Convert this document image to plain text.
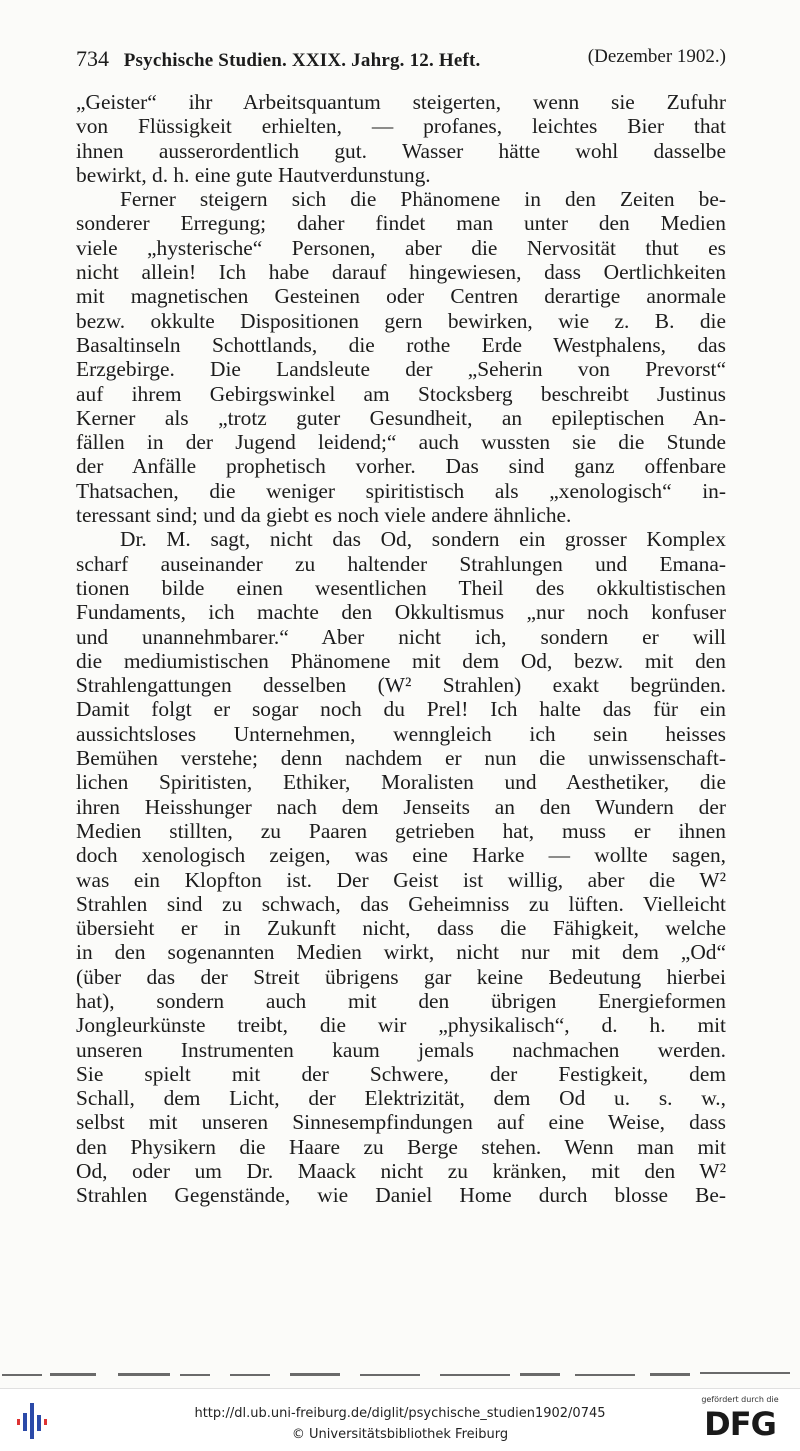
734 Psychische Studien. XXIX. Jahrg. 12. Heft.	(Dezember 1902.)
„Geister“ ihr Arbeitsquantum steigerten, wenn sie Zufuhr
von Flüssigkeit erhielten, — profanes, leichtes Bier that
ihnen ausserordentlich gut. Wasser hätte wohl dasselbe
bewirkt, d. h. eine gute Hautverdunstung.
Ferner steigern sich die Phänomene in den Zeiten be-
sonderer Erregung; daher findet man unter den Medien
viele „hysterische“ Personen, aber die Nervosität thut es
nicht allein! Ich habe darauf hingewiesen, dass Oertlichkeiten
mit magnetischen Gesteinen oder Centren derartige anormale
bezw. okkulte Dispositionen gern bewirken, wie z. B. die
Basaltinseln Schottlands, die rothe Erde Westphalens, das
Erzgebirge. Die Landsleute der „Seherin von Prevorst“
auf ihrem Gebirgswinkel am Stocksberg beschreibt Justinus
Kerner als „trotz guter Gesundheit, an epileptischen An-
fällen in der Jugend leidend;“ auch wussten sie die Stunde
der Anfälle prophetisch vorher. Das sind ganz offenbare
Thatsachen, die weniger spiritistisch als „xenologisch“ in-
teressant sind; und da giebt es noch viele andere ähnliche.
Dr. M. sagt, nicht das Od, sondern ein grosser Komplex
scharf auseinander zu haltender Strahlungen und Emana-
tionen bilde einen wesentlichen Theil des okkultistischen
Fundaments, ich machte den Okkultismus „nur noch konfuser
und unannehmbarer.“ Aber nicht ich, sondern er will
die mediumistischen Phänomene mit dem Od, bezw. mit den
Strahlengattungen desselben (W² Strahlen) exakt begründen.
Damit folgt er sogar noch du Prel! Ich halte das für ein
aussichtsloses Unternehmen, wenngleich ich sein heisses
Bemühen verstehe; denn nachdem er nun die unwissenschaft-
lichen Spiritisten, Ethiker, Moralisten und Aesthetiker, die
ihren Heisshunger nach dem Jenseits an den Wundern der
Medien stillten, zu Paaren getrieben hat, muss er ihnen
doch xenologisch zeigen, was eine Harke — wollte sagen,
was ein Klopfton ist. Der Geist ist willig, aber die W²
Strahlen sind zu schwach, das Geheimniss zu lüften. Vielleicht
übersieht er in Zukunft nicht, dass die Fähigkeit, welche
in den sogenannten Medien wirkt, nicht nur mit dem „Od“
(über das der Streit übrigens gar keine Bedeutung hierbei
hat), sondern auch mit den übrigen Energieformen
Jongleurkünste treibt, die wir „physikalisch“, d. h. mit
unseren Instrumenten kaum jemals nachmachen werden.
Sie spielt mit der Schwere, der Festigkeit, dem
Schall, dem Licht, der Elektrizität, dem Od u. s. w.,
selbst mit unseren Sinnesempfindungen auf eine Weise, dass
den Physikern die Haare zu Berge stehen. Wenn man mit
Od, oder um Dr. Maack nicht zu kränken, mit den W²
Strahlen Gegenstände, wie Daniel Home durch blosse Be-
http://dl.ub.uni-freiburg.de/diglit/psychische_studien1902/0745
© Universitätsbibliothek Freiburg
gefördert durch die
DFG
